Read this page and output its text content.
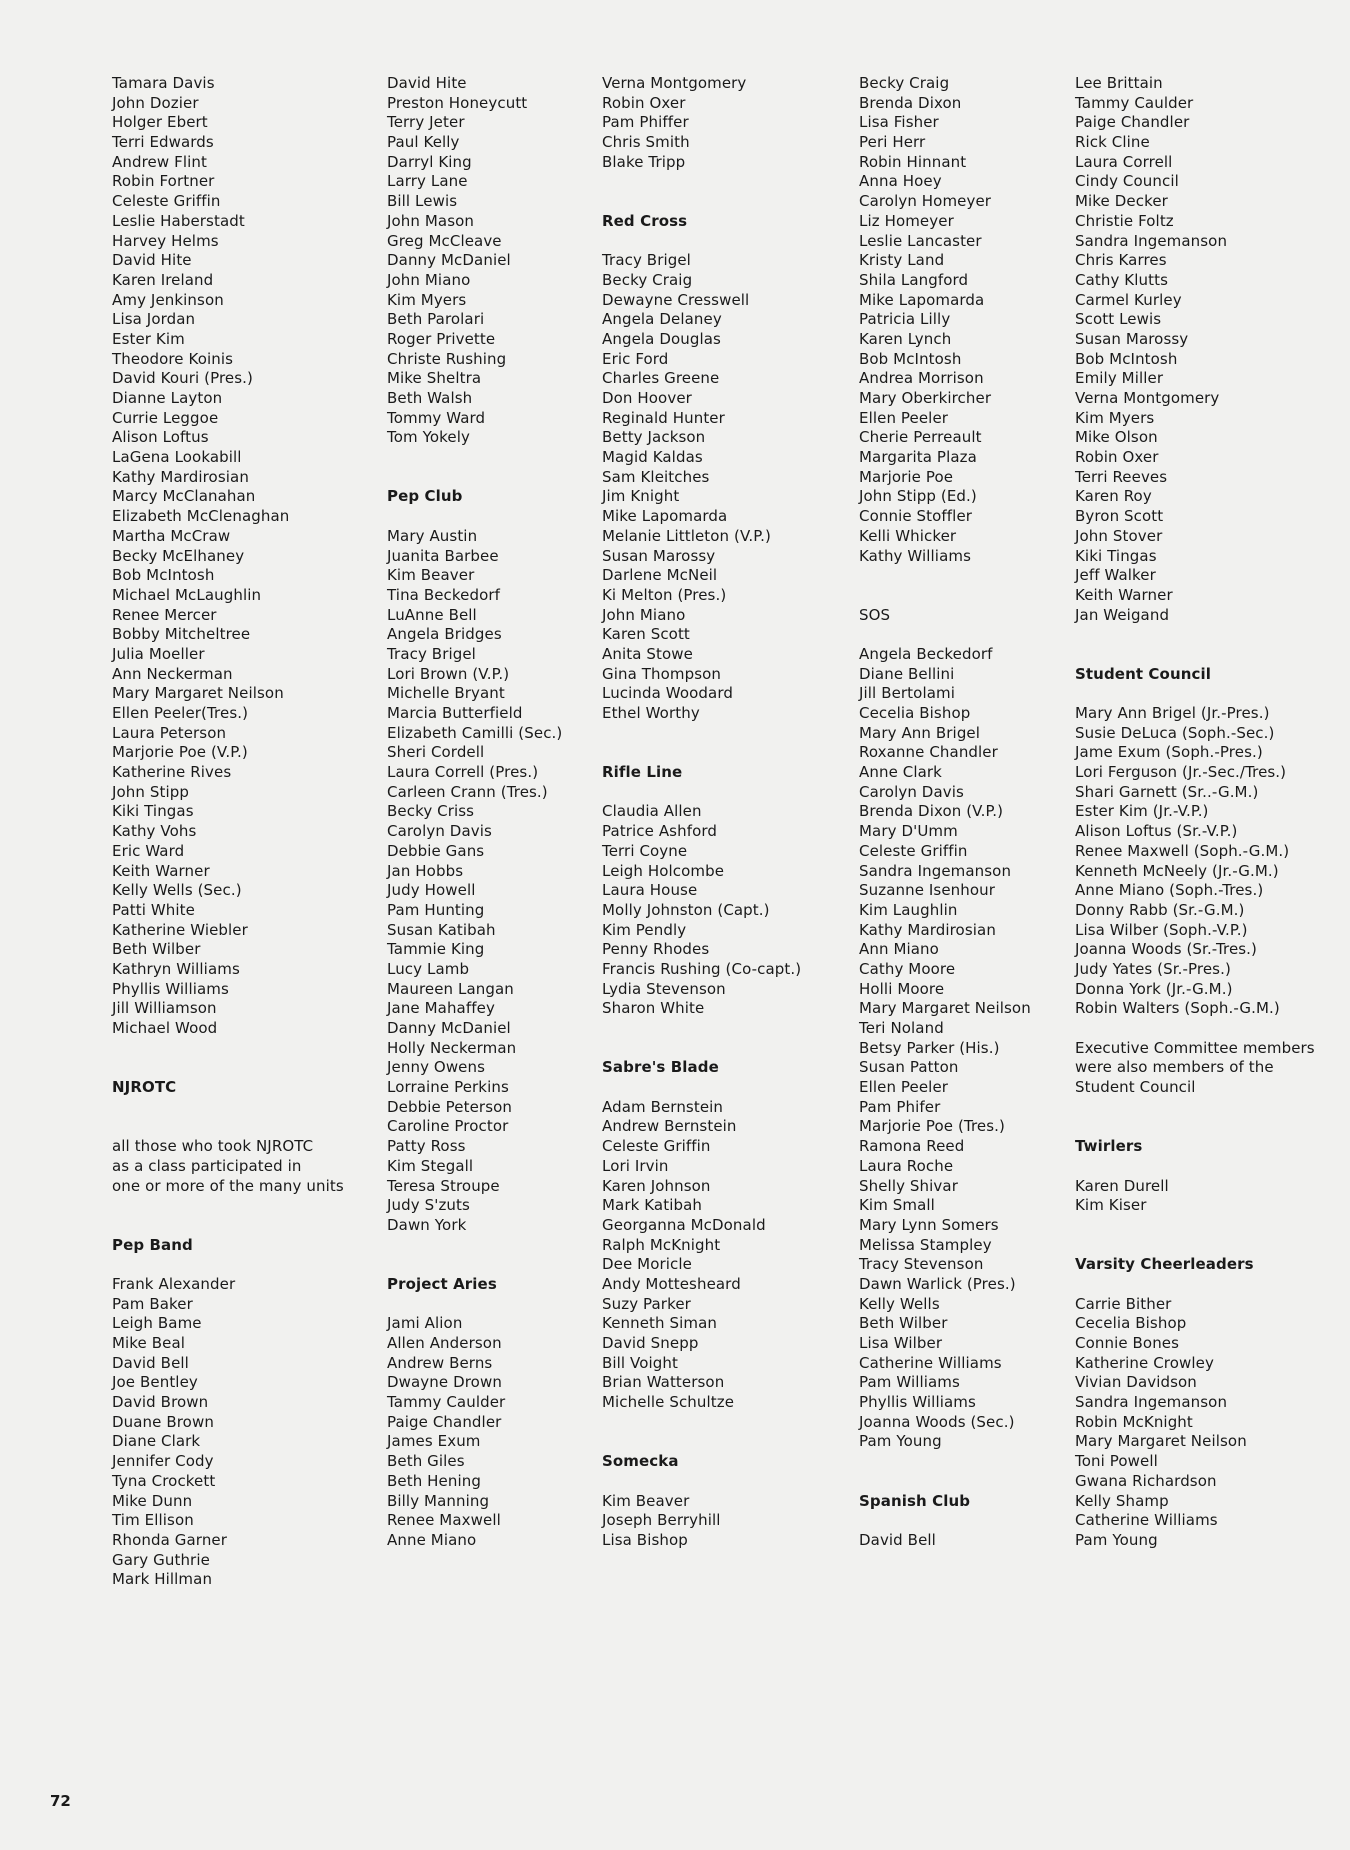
Tamara Davis
John Dozier
Holger Ebert
Terri Edwards
Andrew Flint
Robin Fortner
Celeste Griffin
Leslie Haberstadt
Harvey Helms
David Hite
Karen Ireland
Amy Jenkinson
Lisa Jordan
Ester Kim
Theodore Koinis
David Kouri (Pres.)
Dianne Layton
Currie Leggoe
Alison Loftus
LaGena Lookabill
Kathy Mardirosian
Marcy McClanahan
Elizabeth McClenaghan
Martha McCraw
Becky McElhaney
Bob McIntosh
Michael McLaughlin
Renee Mercer
Bobby Mitcheltree
Julia Moeller
Ann Neckerman
Mary Margaret Neilson
Ellen Peeler(Tres.)
Laura Peterson
Marjorie Poe (V.P.)
Katherine Rives
John Stipp
Kiki Tingas
Kathy Vohs
Eric Ward
Keith Warner
Kelly Wells (Sec.)
Patti White
Katherine Wiebler
Beth Wilber
Kathryn Williams
Phyllis Williams
Jill Williamson
Michael Wood
NJROTC
all those who took NJROTC
as a class participated in
one or more of the many units
Pep Band
Frank Alexander
Pam Baker
Leigh Bame
Mike Beal
David Bell
Joe Bentley
David Brown
Duane Brown
Diane Clark
Jennifer Cody
Tyna Crockett
Mike Dunn
Tim Ellison
Rhonda Garner
Gary Guthrie
Mark Hillman
David Hite
Preston Honeycutt
Terry Jeter
Paul Kelly
Darryl King
Larry Lane
Bill Lewis
John Mason
Greg McCleave
Danny McDaniel
John Miano
Kim Myers
Beth Parolari
Roger Privette
Christe Rushing
Mike Sheltra
Beth Walsh
Tommy Ward
Tom Yokely
Pep Club
Mary Austin
Juanita Barbee
Kim Beaver
Tina Beckedorf
LuAnne Bell
Angela Bridges
Tracy Brigel
Lori Brown (V.P.)
Michelle Bryant
Marcia Butterfield
Elizabeth Camilli (Sec.)
Sheri Cordell
Laura Correll (Pres.)
Carleen Crann (Tres.)
Becky Criss
Carolyn Davis
Debbie Gans
Jan Hobbs
Judy Howell
Pam Hunting
Susan Katibah
Tammie King
Lucy Lamb
Maureen Langan
Jane Mahaffey
Danny McDaniel
Holly Neckerman
Jenny Owens
Lorraine Perkins
Debbie Peterson
Caroline Proctor
Patty Ross
Kim Stegall
Teresa Stroupe
Judy S'zuts
Dawn York
Project Aries
Jami Alion
Allen Anderson
Andrew Berns
Dwayne Drown
Tammy Caulder
Paige Chandler
James Exum
Beth Giles
Beth Hening
Billy Manning
Renee Maxwell
Anne Miano
Verna Montgomery
Robin Oxer
Pam Phiffer
Chris Smith
Blake Tripp
Red Cross
Tracy Brigel
Becky Craig
Dewayne Cresswell
Angela Delaney
Angela Douglas
Eric Ford
Charles Greene
Don Hoover
Reginald Hunter
Betty Jackson
Magid Kaldas
Sam Kleitches
Jim Knight
Mike Lapomarda
Melanie Littleton (V.P.)
Susan Marossy
Darlene McNeil
Ki Melton (Pres.)
John Miano
Karen Scott
Anita Stowe
Gina Thompson
Lucinda Woodard
Ethel Worthy
Rifle Line
Claudia Allen
Patrice Ashford
Terri Coyne
Leigh Holcombe
Laura House
Molly Johnston (Capt.)
Kim Pendly
Penny Rhodes
Francis Rushing (Co-capt.)
Lydia Stevenson
Sharon White
Sabre's Blade
Adam Bernstein
Andrew Bernstein
Celeste Griffin
Lori Irvin
Karen Johnson
Mark Katibah
Georganna McDonald
Ralph McKnight
Dee Moricle
Andy Mottesheard
Suzy Parker
Kenneth Siman
David Snepp
Bill Voight
Brian Watterson
Michelle Schultze
Somecka
Kim Beaver
Joseph Berryhill
Lisa Bishop
Becky Craig
Brenda Dixon
Lisa Fisher
Peri Herr
Robin Hinnant
Anna Hoey
Carolyn Homeyer
Liz Homeyer
Leslie Lancaster
Kristy Land
Shila Langford
Mike Lapomarda
Patricia Lilly
Karen Lynch
Bob McIntosh
Andrea Morrison
Mary Oberkircher
Ellen Peeler
Cherie Perreault
Margarita Plaza
Marjorie Poe
John Stipp (Ed.)
Connie Stoffler
Kelli Whicker
Kathy Williams
SOS
Angela Beckedorf
Diane Bellini
Jill Bertolami
Cecelia Bishop
Mary Ann Brigel
Roxanne Chandler
Anne Clark
Carolyn Davis
Brenda Dixon (V.P.)
Mary D'Umm
Celeste Griffin
Sandra Ingemanson
Suzanne Isenhour
Kim Laughlin
Kathy Mardirosian
Ann Miano
Cathy Moore
Holli Moore
Mary Margaret Neilson
Teri Noland
Betsy Parker (His.)
Susan Patton
Ellen Peeler
Pam Phifer
Marjorie Poe (Tres.)
Ramona Reed
Laura Roche
Shelly Shivar
Kim Small
Mary Lynn Somers
Melissa Stampley
Tracy Stevenson
Dawn Warlick (Pres.)
Kelly Wells
Beth Wilber
Lisa Wilber
Catherine Williams
Pam Williams
Phyllis Williams
Joanna Woods (Sec.)
Pam Young
Spanish Club
David Bell
Lee Brittain
Tammy Caulder
Paige Chandler
Rick Cline
Laura Correll
Cindy Council
Mike Decker
Christie Foltz
Sandra Ingemanson
Chris Karres
Cathy Klutts
Carmel Kurley
Scott Lewis
Susan Marossy
Bob McIntosh
Emily Miller
Verna Montgomery
Kim Myers
Mike Olson
Robin Oxer
Terri Reeves
Karen Roy
Byron Scott
John Stover
Kiki Tingas
Jeff Walker
Keith Warner
Jan Weigand
Student Council
Mary Ann Brigel (Jr.-Pres.)
Susie DeLuca (Soph.-Sec.)
Jame Exum (Soph.-Pres.)
Lori Ferguson (Jr.-Sec./Tres.)
Shari Garnett (Sr..-G.M.)
Ester Kim (Jr.-V.P.)
Alison Loftus (Sr.-V.P.)
Renee Maxwell (Soph.-G.M.)
Kenneth McNeely (Jr.-G.M.)
Anne Miano (Soph.-Tres.)
Donny Rabb (Sr.-G.M.)
Lisa Wilber (Soph.-V.P.)
Joanna Woods (Sr.-Tres.)
Judy Yates (Sr.-Pres.)
Donna York (Jr.-G.M.)
Robin Walters (Soph.-G.M.)
Executive Committee members
were also members of the
Student Council
Twirlers
Karen Durell
Kim Kiser
Varsity Cheerleaders
Carrie Bither
Cecelia Bishop
Connie Bones
Katherine Crowley
Vivian Davidson
Sandra Ingemanson
Robin McKnight
Mary Margaret Neilson
Toni Powell
Gwana Richardson
Kelly Shamp
Catherine Williams
Pam Young
72
